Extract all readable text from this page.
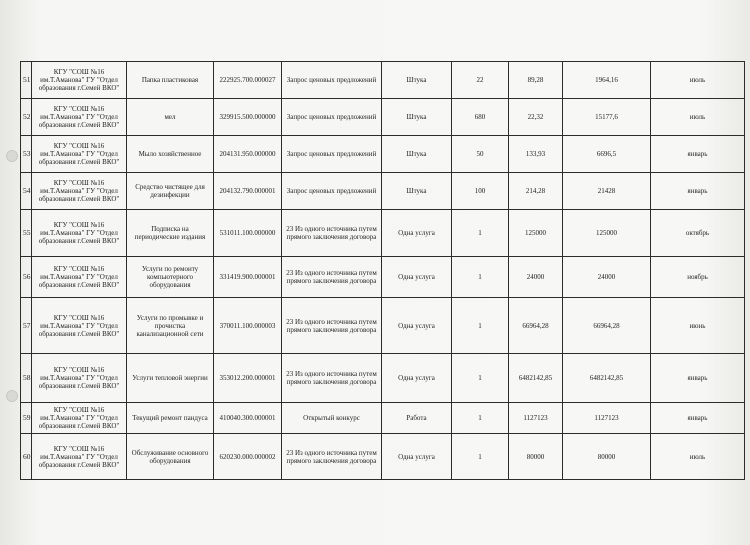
51	КГУ "СОШ №16 им.Т.Аманова" ГУ "Отдел образования г.Семей ВКО"	Папка пластиковая	222925.700.000027	Запрос ценовых предложений	Штука	22	89,28	1964,16	июль
52	КГУ "СОШ №16 им.Т.Аманова" ГУ "Отдел образования г.Семей ВКО"	мел	329915.500.000000	Запрос ценовых предложений	Штука	680	22,32	15177,6	июль
53	КГУ "СОШ №16 им.Т.Аманова" ГУ "Отдел образования г.Семей ВКО"	Мыло хозяйственное	204131.950.000000	Запрос ценовых предложений	Штука	50	133,93	6696,5	январь
54	КГУ "СОШ №16 им.Т.Аманова" ГУ "Отдел образования г.Семей ВКО"	Средство чистящее для дезинфекции	204132.790.000001	Запрос ценовых предложений	Штука	100	214,28	21428	январь
55	КГУ "СОШ №16 им.Т.Аманова" ГУ "Отдел образования г.Семей ВКО"	Подписка на периодические издания	531011.100.000000	23 Из одного источника путем прямого заключения договора	Одна услуга	1	125000	125000	октябрь
56	КГУ "СОШ №16 им.Т.Аманова" ГУ "Отдел образования г.Семей ВКО"	Услуги по ремонту компьютерного оборудования	331419.900.000001	23 Из одного источника путем прямого заключения договора	Одна услуга	1	24000	24000	ноябрь
57	КГУ "СОШ №16 им.Т.Аманова" ГУ "Отдел образования г.Семей ВКО"	Услуги по промывке и прочистка канализационной сети	370011.100.000003	23 Из одного источника путем прямого заключения договора	Одна услуга	1	66964,28	66964,28	июнь
58	КГУ "СОШ №16 им.Т.Аманова" ГУ "Отдел образования г.Семей ВКО"	Услуги тепловой энергии	353012.200.000001	23 Из одного источника путем прямого заключения договора	Одна услуга	1	6482142,85	6482142,85	январь
59	КГУ "СОШ №16 им.Т.Аманова" ГУ "Отдел образования г.Семей ВКО"	Текущий ремонт пандуса	410040.300.000001	Открытый конкурс	Работа	1	1127123	1127123	январь
60	КГУ "СОШ №16 им.Т.Аманова" ГУ "Отдел образования г.Семей ВКО"	Обслуживание основного оборудования	620230.000.000002	23 Из одного источника путем прямого заключения договора	Одна услуга	1	80000	80000	июль
